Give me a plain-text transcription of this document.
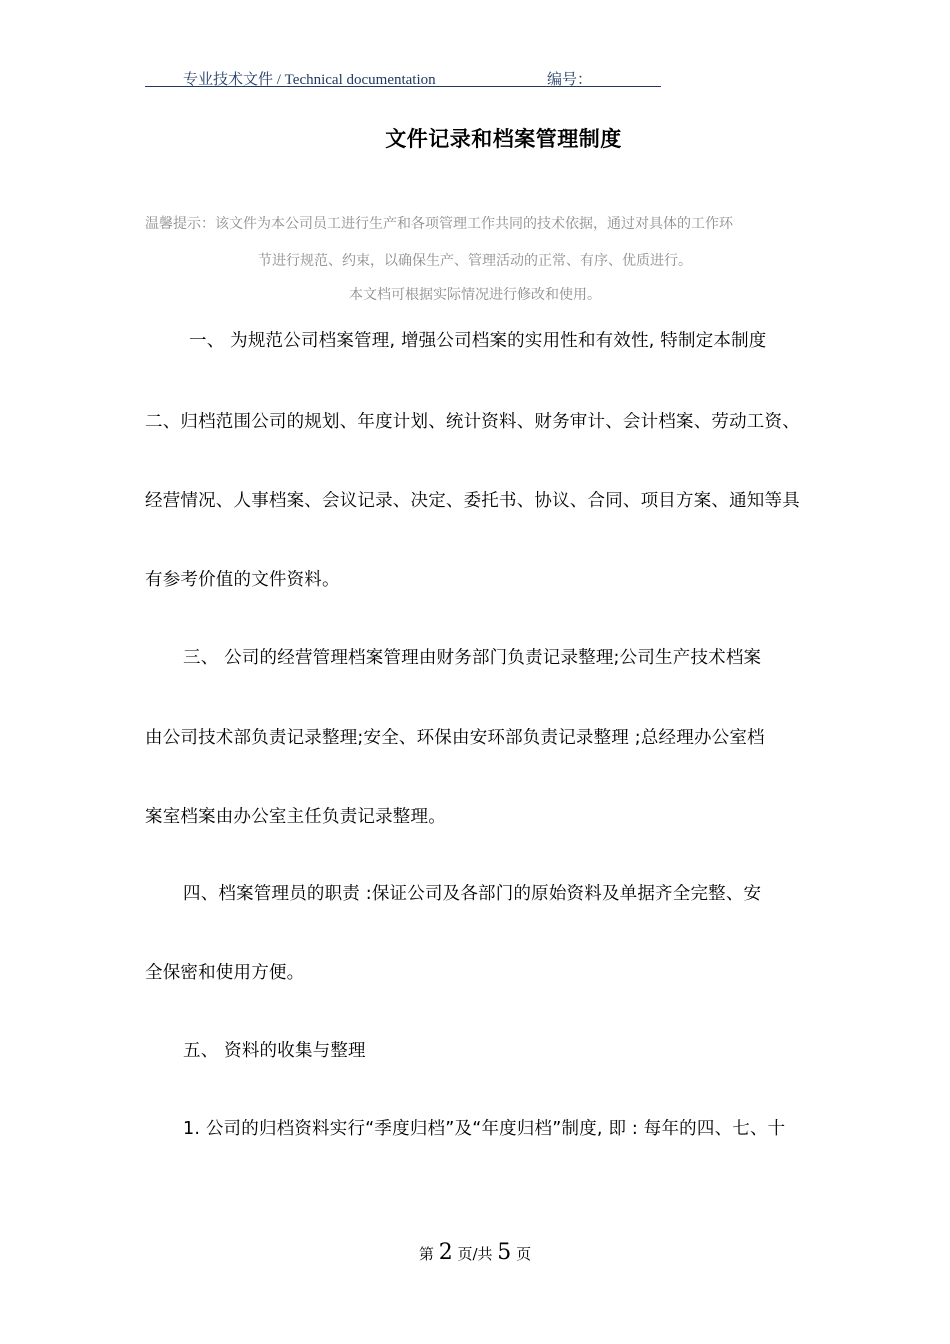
专业技术文件 / Technical documentation	编号：
文件记录和档案管理制度
温馨提示：该文件为本公司员工进行生产和各项管理工作共同的技术依据，通过对具体的工作环
节进行规范、约束，以确保生产、管理活动的正常、有序、优质进行。
本文档可根据实际情况进行修改和使用。
一、 为规范公司档案管理, 增强公司档案的实用性和有效性, 特制定本制度
二、归档范围公司的规划、年度计划、统计资料、财务审计、会计档案、劳动工资、
经营情况、人事档案、会议记录、决定、委托书、协议、合同、项目方案、通知等具
有参考价值的文件资料。
三、 公司的经营管理档案管理由财务部门负责记录整理;公司生产技术档案
由公司技术部负责记录整理;安全、环保由安环部负责记录整理 ;总经理办公室档
案室档案由办公室主任负责记录整理。
四、档案管理员的职责 :保证公司及各部门的原始资料及单据齐全完整、安
全保密和使用方便。
五、 资料的收集与整理
1. 公司的归档资料实行“季度归档”及“年度归档”制度, 即 : 每年的四、七、十
第 2 页/共 5 页
